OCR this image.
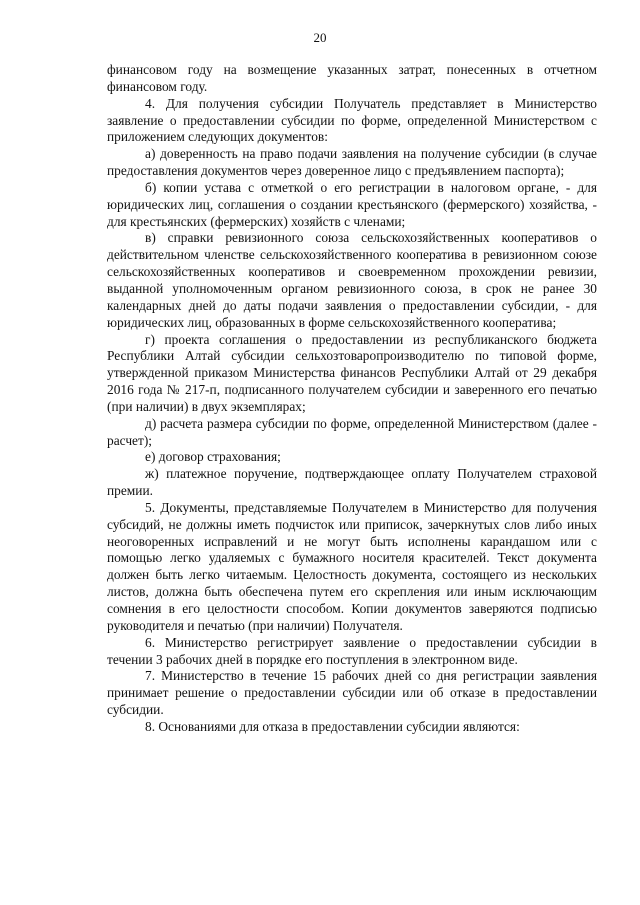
20

финансовом году на возмещение указанных затрат, понесенных в отчетном финансовом году.

4. Для получения субсидии Получатель представляет в Министерство заявление о предоставлении субсидии по форме, определенной Министерством с приложением следующих документов:

а) доверенность на право подачи заявления на получение субсидии (в случае предоставления документов через доверенное лицо с предъявлением паспорта);

б) копии устава с отметкой о его регистрации в налоговом органе, - для юридических лиц, соглашения о создании крестьянского (фермерского) хозяйства, - для крестьянских (фермерских) хозяйств с членами;

в) справки ревизионного союза сельскохозяйственных кооперативов о действительном членстве сельскохозяйственного кооператива в ревизионном союзе сельскохозяйственных кооперативов и своевременном прохождении ревизии, выданной уполномоченным органом ревизионного союза, в срок не ранее 30 календарных дней до даты подачи заявления о предоставлении субсидии, - для юридических лиц, образованных в форме сельскохозяйственного кооператива;

г) проекта соглашения о предоставлении из республиканского бюджета Республики Алтай субсидии сельхозтоваропроизводителю по типовой форме, утвержденной приказом Министерства финансов Республики Алтай от 29 декабря 2016 года № 217-п, подписанного получателем субсидии и заверенного его печатью (при наличии) в двух экземплярах;

д) расчета размера субсидии по форме, определенной Министерством (далее - расчет);

е) договор страхования;

ж) платежное поручение, подтверждающее оплату Получателем страховой премии.

5. Документы, представляемые Получателем в Министерство для получения субсидий, не должны иметь подчисток или приписок, зачеркнутых слов либо иных неоговоренных исправлений и не могут быть исполнены карандашом или с помощью легко удаляемых с бумажного носителя красителей. Текст документа должен быть легко читаемым. Целостность документа, состоящего из нескольких листов, должна быть обеспечена путем его скрепления или иным исключающим сомнения в его целостности способом. Копии документов заверяются подписью руководителя и печатью (при наличии) Получателя.

6. Министерство регистрирует заявление о предоставлении субсидии в течении 3 рабочих дней в порядке его поступления в электронном виде.

7. Министерство в течение 15 рабочих дней со дня регистрации заявления принимает решение о предоставлении субсидии или об отказе в предоставлении субсидии.

8. Основаниями для отказа в предоставлении субсидии являются:
